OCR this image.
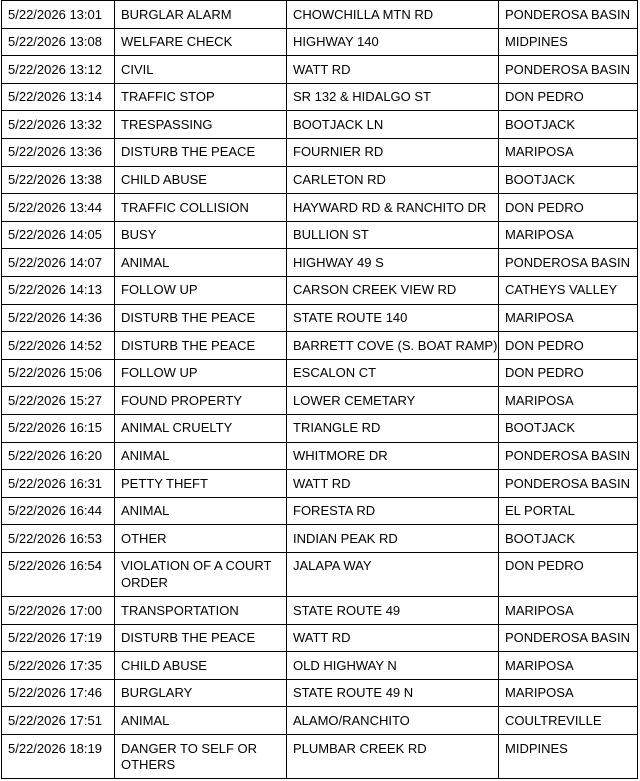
5/22/2026 13:01	BURGLAR ALARM	CHOWCHILLA MTN RD	PONDEROSA BASIN

5/22/2026 13:08	WELFARE CHECK	HIGHWAY 140	MIDPINES

5/22/2026 13:12	CIVIL	WATT RD	PONDEROSA BASIN

5/22/2026 13:14	TRAFFIC STOP	SR 132 & HIDALGO ST	DON PEDRO

5/22/2026 13:32	TRESPASSING	BOOTJACK LN	BOOTJACK

5/22/2026 13:36	DISTURB THE PEACE	FOURNIER RD	MARIPOSA

5/22/2026 13:38	CHILD ABUSE	CARLETON RD	BOOTJACK

5/22/2026 13:44	TRAFFIC COLLISION	HAYWARD RD & RANCHITO DR	DON PEDRO

5/22/2026 14:05	BUSY	BULLION ST	MARIPOSA

5/22/2026 14:07	ANIMAL	HIGHWAY 49 S	PONDEROSA BASIN

5/22/2026 14:13	FOLLOW UP	CARSON CREEK VIEW RD	CATHEYS VALLEY

5/22/2026 14:36	DISTURB THE PEACE	STATE ROUTE 140	MARIPOSA

5/22/2026 14:52	DISTURB THE PEACE	BARRETT COVE (S. BOAT RAMP)	DON PEDRO

5/22/2026 15:06	FOLLOW UP	ESCALON CT	DON PEDRO

5/22/2026 15:27	FOUND PROPERTY	LOWER CEMETARY	MARIPOSA

5/22/2026 16:15	ANIMAL CRUELTY	TRIANGLE RD	BOOTJACK

5/22/2026 16:20	ANIMAL	WHITMORE DR	PONDEROSA BASIN

5/22/2026 16:31	PETTY THEFT	WATT RD	PONDEROSA BASIN

5/22/2026 16:44	ANIMAL	FORESTA RD	EL PORTAL

5/22/2026 16:53	OTHER	INDIAN PEAK RD	BOOTJACK

5/22/2026 16:54	VIOLATION OF A COURT ORDER	JALAPA WAY	DON PEDRO

5/22/2026 17:00	TRANSPORTATION	STATE ROUTE 49	MARIPOSA

5/22/2026 17:19	DISTURB THE PEACE	WATT RD	PONDEROSA BASIN

5/22/2026 17:35	CHILD ABUSE	OLD HIGHWAY N	MARIPOSA

5/22/2026 17:46	BURGLARY	STATE ROUTE 49 N	MARIPOSA

5/22/2026 17:51	ANIMAL	ALAMO/RANCHITO	COULTREVILLE

5/22/2026 18:19	DANGER TO SELF OR OTHERS	PLUMBAR CREEK RD	MIDPINES
